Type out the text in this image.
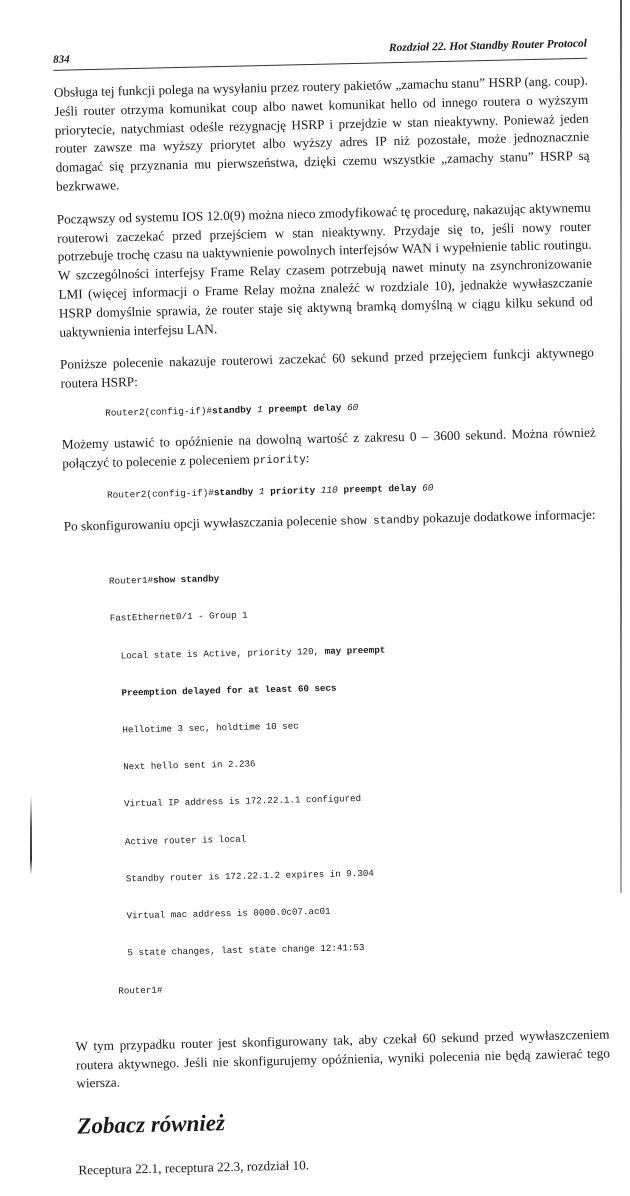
834
Rozdział 22. Hot Standby Router Protocol

Obsługa tej funkcji polega na wysyłaniu przez routery pakietów „zamachu stanu” HSRP (ang. coup). Jeśli router otrzyma komunikat coup albo nawet komunikat hello od innego routera o wyższym priorytecie, natychmiast odeśle rezygnację HSRP i przejdzie w stan nieaktywny. Ponieważ jeden router zawsze ma wyższy priorytet albo wyższy adres IP niż pozostałe, może jednoznacznie domagać się przyznania mu pierwszeństwa, dzięki czemu wszystkie „zamachy stanu” HSRP są bezkrwawe.

Począwszy od systemu IOS 12.0(9) można nieco zmodyfikować tę procedurę, nakazując aktywnemu routerowi zaczekać przed przejściem w stan nieaktywny. Przydaje się to, jeśli nowy router potrzebuje trochę czasu na uaktywnienie powolnych interfejsów WAN i wypełnienie tablic routingu. W szczególności interfejsy Frame Relay czasem potrzebują nawet minuty na zsynchronizowanie LMI (więcej informacji o Frame Relay można znaleźć w rozdziale 10), jednakże wywłaszczanie HSRP domyślnie sprawia, że router staje się aktywną bramką domyślną w ciągu kilku sekund od uaktywnienia interfejsu LAN.

Poniższe polecenie nakazuje routerowi zaczekać 60 sekund przed przejęciem funkcji aktywnego routera HSRP:

Router2(config-if)#standby 1 preempt delay 60

Możemy ustawić to opóźnienie na dowolną wartość z zakresu 0 – 3600 sekund. Można również połączyć to polecenie z poleceniem priority:

Router2(config-if)#standby 1 priority 110 preempt delay 60

Po skonfigurowaniu opcji wywłaszczania polecenie show standby pokazuje dodatkowe informacje:

Router1#show standby

FastEthernet0/1 - Group 1

Local state is Active, priority 120, may preempt

Preemption delayed for at least 60 secs

Hellotime 3 sec, holdtime 10 sec

Next hello sent in 2.236

Virtual IP address is 172.22.1.1 configured

Active router is local

Standby router is 172.22.1.2 expires in 9.304

Virtual mac address is 0000.0c07.ac01

5 state changes, last state change 12:41:53

Router1#

W tym przypadku router jest skonfigurowany tak, aby czekał 60 sekund przed wywłaszczeniem routera aktywnego. Jeśli nie skonfigurujemy opóźnienia, wyniki polecenia nie będą zawierać tego wiersza.

Zobacz również

Receptura 22.1, receptura 22.3, rozdział 10.
